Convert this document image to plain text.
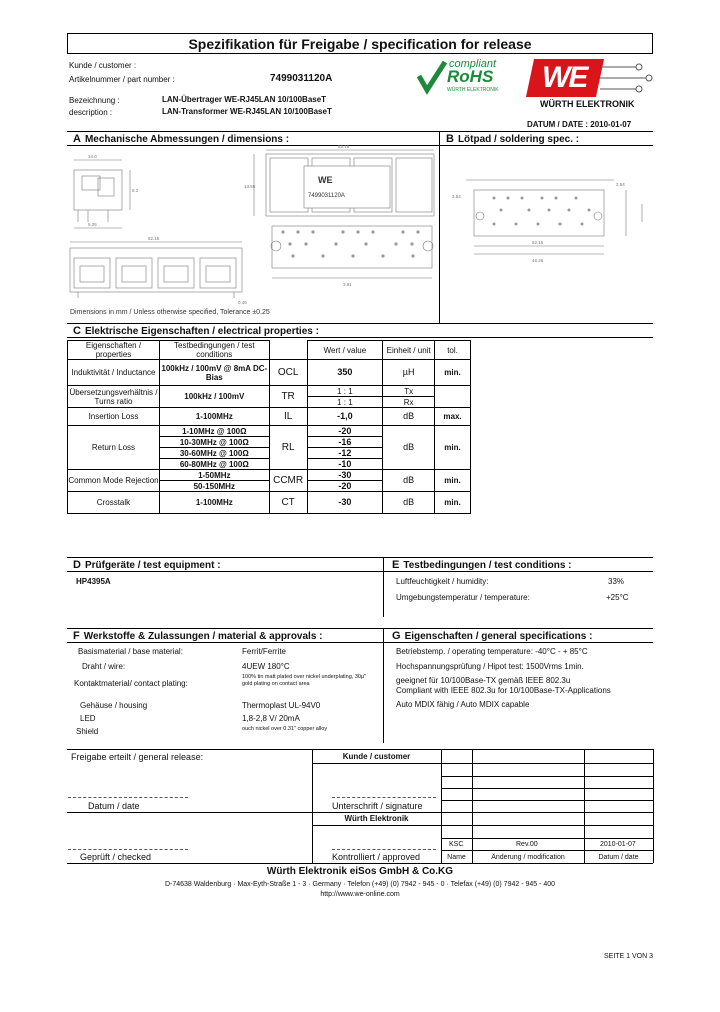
Spezifikation für Freigabe / specification for release
Kunde / customer :
Artikelnummer / part number :	7499031120A
Bezeichnung :	LAN-Übertrager WE-RJ45LAN 10/100BaseT
description :	LAN-Transformer WE-RJ45LAN 10/100BaseT
DATUM / DATE : 2010-01-07
compliant
RoHS
WÜRTH ELEKTRONIK WE
WÜRTH ELEKTRONIK
A Mechanische Abmessungen / dimensions :	B Lötpad / soldering spec. :
14.0
8.2
5.25
52.15
13.55
3.81
52.15
0.46
WE
7499031120A
Dimensions in mm / Unless otherwise specified, Tolerance ±0.25
3.54
2.54
52.15
48.26
C Elektrische Eigenschaften / electrical properties :
Eigenschaften / properties	Testbedingungen / test conditions		Wert / value	Einheit / unit	tol.
Induktivität / Inductance	100kHz / 100mV @ 8mA DC-Bias	OCL	350	µH	min.
Übersetzungsverhältnis / Turns ratio	100kHz / 100mV	TR	1 : 1	Tx	
			1 : 1	Rx	
Insertion Loss	1-100MHz	IL	-1,0	dB	max.
Return Loss	1-10MHz @ 100Ω	RL	-20	dB	min.
	10-30MHz @ 100Ω		-16		
	30-60MHz @ 100Ω		-12		
	60-80MHz @ 100Ω		-10		
Common Mode Rejection	1-50MHz	CCMR	-30	dB	min.
	50-150MHz		-20		
Crosstalk	1-100MHz	CT	-30	dB	min.
D Prüfgeräte / test equipment :	E Testbedingungen / test conditions :
HP4395A	Luftfeuchtigkeit / humidity:	33%
Umgebungstemperatur / temperature:	+25°C
F Werkstoffe & Zulassungen / material & approvals :	G Eigenschaften / general specifications :
Basismaterial / base material:	Ferrit/Ferrite
Draht / wire:	4UEW 180°C
Kontaktmaterial/ contact plating:
100% tin matt plated over nickel underplating, 30µ" gold plating on contact area
Gehäuse / housing	Thermoplast UL-94V0
LED	1,8-2,8 V/ 20mA
Shield	ouch nickel over 0.31" copper alloy
Betriebstemp. / operating temperature: -40°C - + 85°C
Hochspannungsprüfung / Hipot test: 1500Vrms 1min.
geeignet für 10/100Base-TX gemäß IEEE 802.3u
Compliant with IEEE 802.3u for 10/100Base-TX-Applications
Auto MDIX fähig / Auto MDIX capable
Freigabe erteilt / general release:	Kunde / customer
Datum / date	Unterschrift / signature
Würth Elektronik
Geprüft / checked	Kontrolliert / approved
KSC	Rev.00	2010-01-07
Name	Änderung / modification	Datum / date
Würth Elektronik eiSos GmbH & Co.KG
D-74638 Waldenburg · Max-Eyth-Straße 1 - 3 · Germany · Telefon (+49) (0) 7942 - 945 - 0 · Telefax (+49) (0) 7942 - 945 - 400
http://www.we-online.com
SEITE 1 VON 3
